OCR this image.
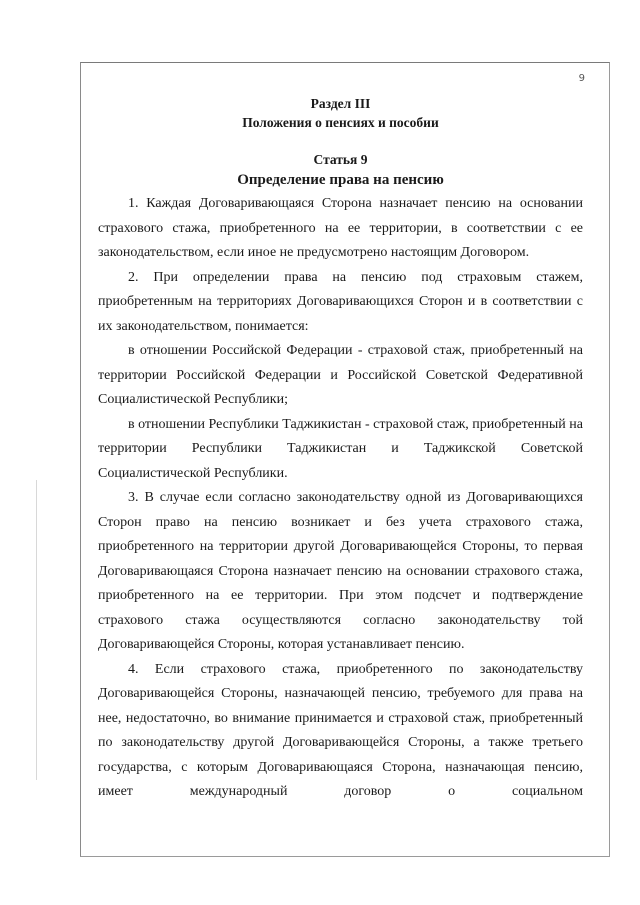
9
Раздел III
Положения о пенсиях и пособии
Статья 9
Определение права на пенсию

1. Каждая Договаривающаяся Сторона назначает пенсию на основании страхового стажа, приобретенного на ее территории, в соответствии с ее законодательством, если иное не предусмотрено настоящим Договором.

2. При определении права на пенсию под страховым стажем, приобретенным на территориях Договаривающихся Сторон и в соответствии с их законодательством, понимается:

в отношении Российской Федерации - страховой стаж, приобретенный на территории Российской Федерации и Российской Советской Федеративной Социалистической Республики;

в отношении Республики Таджикистан - страховой стаж, приобретенный на территории Республики Таджикистан и Таджикской Советской Социалистической Республики.

3. В случае если согласно законодательству одной из Договаривающихся Сторон право на пенсию возникает и без учета страхового стажа, приобретенного на территории другой Договаривающейся Стороны, то первая Договаривающаяся Сторона назначает пенсию на основании страхового стажа, приобретенного на ее территории. При этом подсчет и подтверждение страхового стажа осуществляются согласно законодательству той Договаривающейся Стороны, которая устанавливает пенсию.

4. Если страхового стажа, приобретенного по законодательству Договаривающейся Стороны, назначающей пенсию, требуемого для права на нее, недостаточно, во внимание принимается и страховой стаж, приобретенный по законодательству другой Договаривающейся Стороны, а также третьего государства, с которым Договаривающаяся Сторона, назначающая пенсию, имеет международный договор о социальном
